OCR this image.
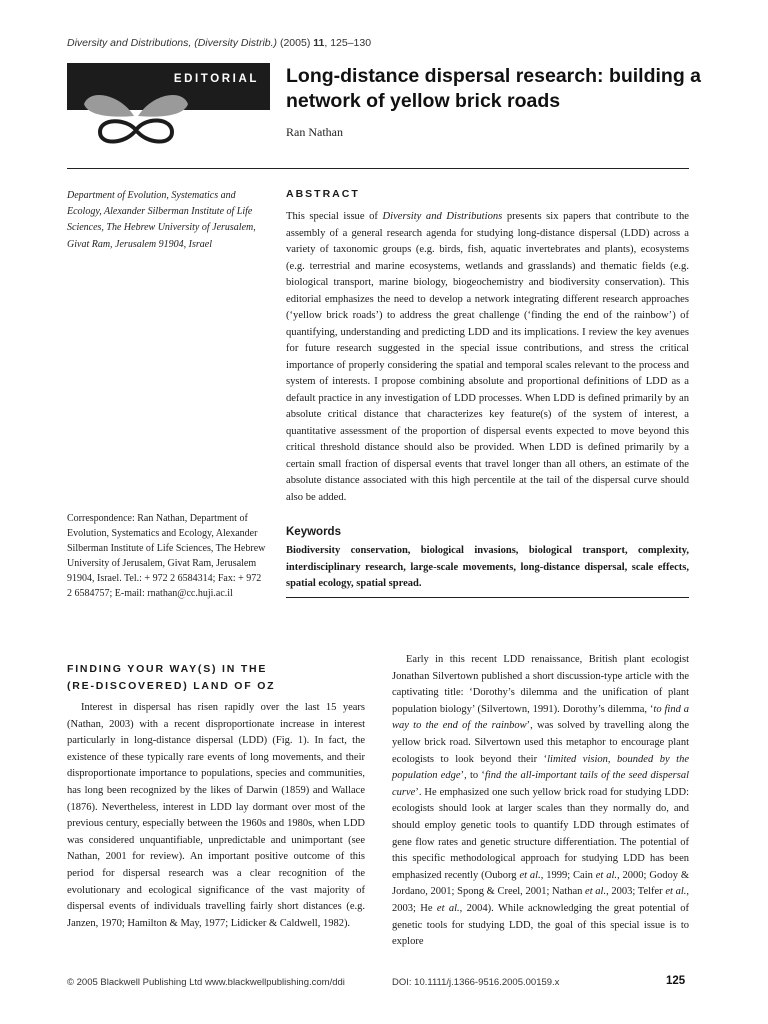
Diversity and Distributions, (Diversity Distrib.) (2005) 11, 125–130
EDITORIAL Long-distance dispersal research: building a network of yellow brick roads
Ran Nathan
Department of Evolution, Systematics and Ecology, Alexander Silberman Institute of Life Sciences, The Hebrew University of Jerusalem, Givat Ram, Jerusalem 91904, Israel
ABSTRACT
This special issue of Diversity and Distributions presents six papers that contribute to the assembly of a general research agenda for studying long-distance dispersal (LDD) across a variety of taxonomic groups (e.g. birds, fish, aquatic invertebrates and plants), ecosystems (e.g. terrestrial and marine ecosystems, wetlands and grasslands) and thematic fields (e.g. biological transport, marine biology, biogeochemistry and biodiversity conservation). This editorial emphasizes the need to develop a network integrating different research approaches (‘yellow brick roads’) to address the great challenge (‘finding the end of the rainbow’) of quantifying, understanding and predicting LDD and its implications. I review the key avenues for future research suggested in the special issue contributions, and stress the critical importance of properly considering the spatial and temporal scales relevant to the process and system of interests. I propose combining absolute and proportional definitions of LDD as a default practice in any investigation of LDD processes. When LDD is defined primarily by an absolute critical distance that characterizes key feature(s) of the system of interest, a quantitative assessment of the proportion of dispersal events expected to move beyond this critical threshold distance should also be provided. When LDD is defined primarily by a certain small fraction of dispersal events that travel longer than all others, an estimate of the absolute distance associated with this high percentile at the tail of the dispersal curve should also be added.
Correspondence: Ran Nathan, Department of Evolution, Systematics and Ecology, Alexander Silberman Institute of Life Sciences, The Hebrew University of Jerusalem, Givat Ram, Jerusalem 91904, Israel. Tel.: + 972 2 6584314; Fax: + 972 2 6584757; E-mail: rnathan@cc.huji.ac.il
Keywords
Biodiversity conservation, biological invasions, biological transport, complexity, interdisciplinary research, large-scale movements, long-distance dispersal, scale effects, spatial ecology, spatial spread.
FINDING YOUR WAY(S) IN THE
(RE-DISCOVERED) LAND OF OZ
Interest in dispersal has risen rapidly over the last 15 years (Nathan, 2003) with a recent disproportionate increase in interest particularly in long-distance dispersal (LDD) (Fig. 1). In fact, the existence of these typically rare events of long movements, and their disproportionate importance to populations, species and communities, has long been recognized by the likes of Darwin (1859) and Wallace (1876). Nevertheless, interest in LDD lay dormant over most of the previous century, especially between the 1960s and 1980s, when LDD was considered unquantifiable, unpredictable and unimportant (see Nathan, 2001 for review). An important positive outcome of this period for dispersal research was a clear recognition of the evolutionary and ecological significance of the vast majority of dispersal events of individuals travelling fairly short distances (e.g. Janzen, 1970; Hamilton & May, 1977; Lidicker & Caldwell, 1982).
Early in this recent LDD renaissance, British plant ecologist Jonathan Silvertown published a short discussion-type article with the captivating title: ‘Dorothy’s dilemma and the unification of plant population biology’ (Silvertown, 1991). Dorothy’s dilemma, ‘to find a way to the end of the rainbow’, was solved by travelling along the yellow brick road. Silvertown used this metaphor to encourage plant ecologists to look beyond their ‘limited vision, bounded by the population edge’, to ‘find the all-important tails of the seed dispersal curve’. He emphasized one such yellow brick road for studying LDD: ecologists should look at larger scales than they normally do, and should employ genetic tools to quantify LDD through estimates of gene flow rates and genetic structure differentiation. The potential of this specific methodological approach for studying LDD has been emphasized recently (Ouborg et al., 1999; Cain et al., 2000; Godoy & Jordano, 2001; Spong & Creel, 2001; Nathan et al., 2003; Telfer et al., 2003; He et al., 2004). While acknowledging the great potential of genetic tools for studying LDD, the goal of this special issue is to explore
© 2005 Blackwell Publishing Ltd www.blackwellpublishing.com/ddi	DOI: 10.1111/j.1366-9516.2005.00159.x	125
